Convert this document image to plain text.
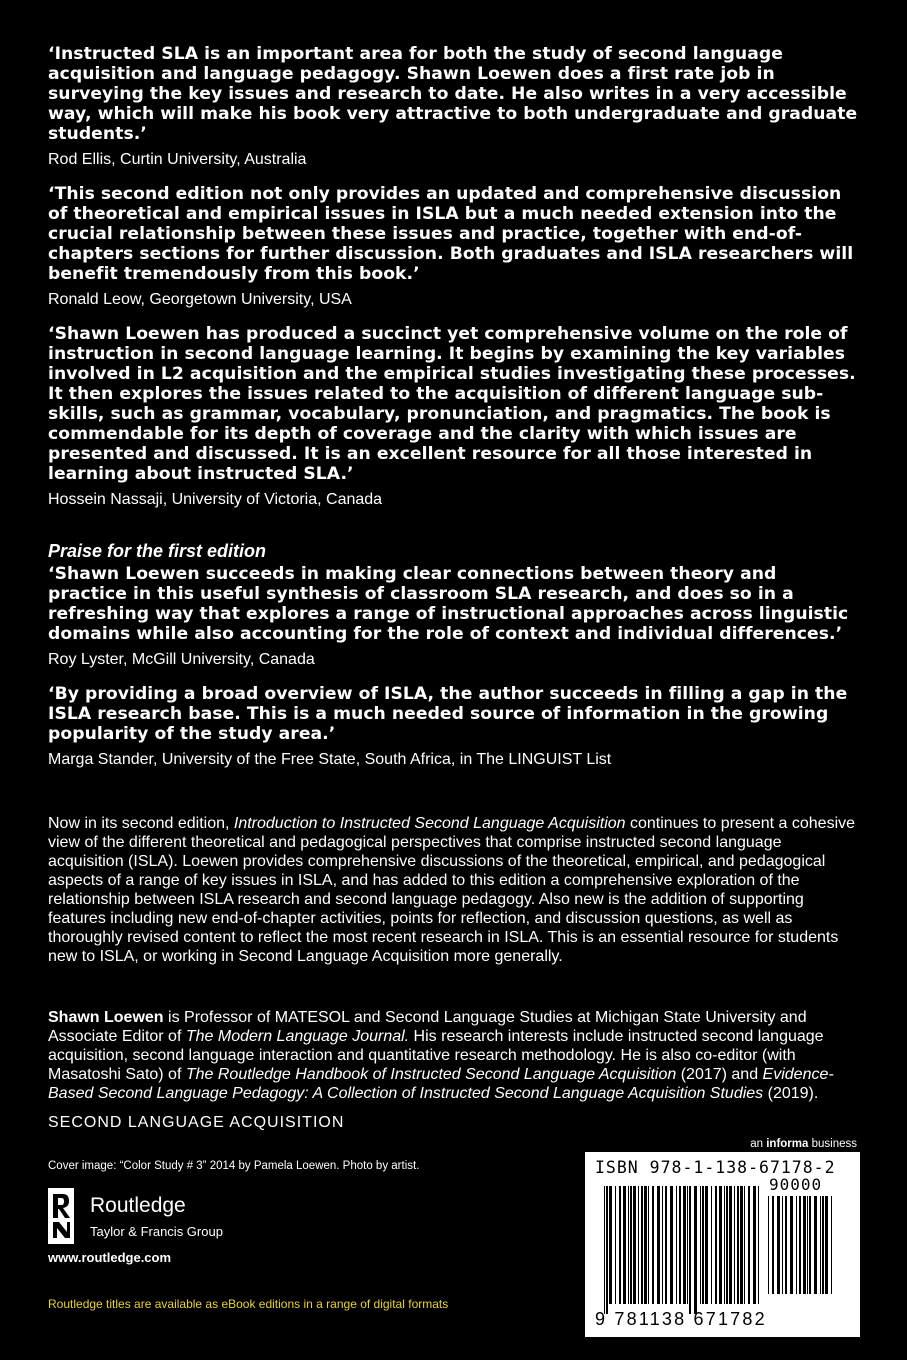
‘Instructed SLA is an important area for both the study of second language acquisition and language pedagogy. Shawn Loewen does a first rate job in surveying the key issues and research to date. He also writes in a very accessible way, which will make his book very attractive to both undergraduate and graduate students.’

Rod Ellis, Curtin University, Australia

‘This second edition not only provides an updated and comprehensive discussion of theoretical and empirical issues in ISLA but a much needed extension into the crucial relationship between these issues and practice, together with end-of-chapters sections for further discussion. Both graduates and ISLA researchers will benefit tremendously from this book.’

Ronald Leow, Georgetown University, USA

‘Shawn Loewen has produced a succinct yet comprehensive volume on the role of instruction in second language learning. It begins by examining the key variables involved in L2 acquisition and the empirical studies investigating these processes. It then explores the issues related to the acquisition of different language sub-skills, such as grammar, vocabulary, pronunciation, and pragmatics. The book is commendable for its depth of coverage and the clarity with which issues are presented and discussed. It is an excellent resource for all those interested in learning about instructed SLA.’

Hossein Nassaji, University of Victoria, Canada

Praise for the first edition

‘Shawn Loewen succeeds in making clear connections between theory and practice in this useful synthesis of classroom SLA research, and does so in a refreshing way that explores a range of instructional approaches across linguistic domains while also accounting for the role of context and individual differences.’

Roy Lyster, McGill University, Canada

‘By providing a broad overview of ISLA, the author succeeds in filling a gap in the ISLA research base. This is a much needed source of information in the growing popularity of the study area.’

Marga Stander, University of the Free State, South Africa, in The LINGUIST List

Now in its second edition, Introduction to Instructed Second Language Acquisition continues to present a cohesive view of the different theoretical and pedagogical perspectives that comprise instructed second language acquisition (ISLA). Loewen provides comprehensive discussions of the theoretical, empirical, and pedagogical aspects of a range of key issues in ISLA, and has added to this edition a comprehensive exploration of the relationship between ISLA research and second language pedagogy. Also new is the addition of supporting features including new end-of-chapter activities, points for reflection, and discussion questions, as well as thoroughly revised content to reflect the most recent research in ISLA. This is an essential resource for students new to ISLA, or working in Second Language Acquisition more generally.

Shawn Loewen is Professor of MATESOL and Second Language Studies at Michigan State University and Associate Editor of The Modern Language Journal. His research interests include instructed second language acquisition, second language interaction and quantitative research methodology. He is also co-editor (with Masatoshi Sato) of The Routledge Handbook of Instructed Second Language Acquisition (2017) and Evidence-Based Second Language Pedagogy: A Collection of Instructed Second Language Acquisition Studies (2019).

SECOND LANGUAGE ACQUISITION
Cover image: “Color Study # 3” 2014 by Pamela Loewen. Photo by artist.
Routledge
Taylor & Francis Group
www.routledge.com
Routledge titles are available as eBook editions in a range of digital formats
an informa business
ISBN 978-1-138-67178-2
90000
9 781138 671782
